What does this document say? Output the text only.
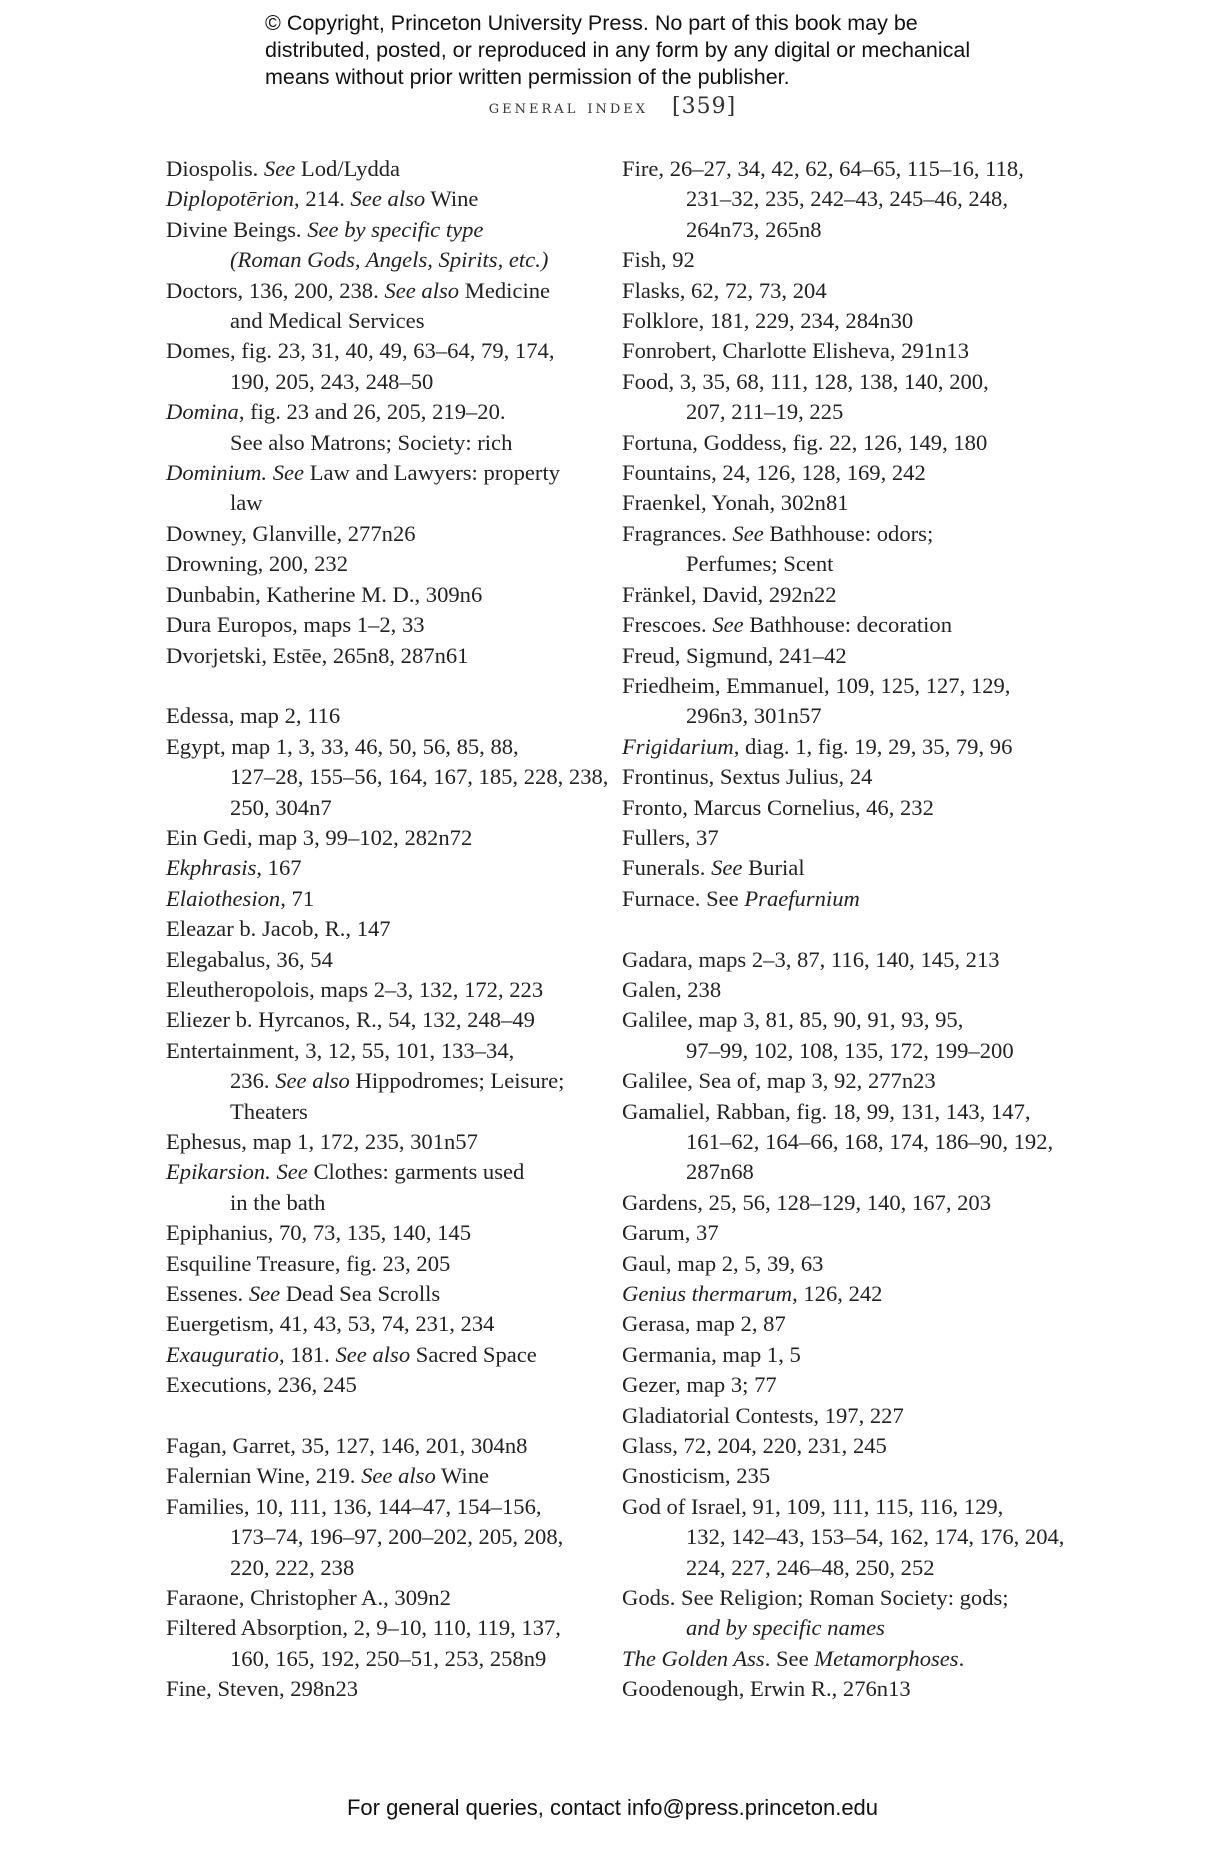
© Copyright, Princeton University Press. No part of this book may be
distributed, posted, or reproduced in any form by any digital or mechanical
means without prior written permission of the publisher.
general index [359]
Diospolis. See Lod/Lydda
Diplopotērion, 214. See also Wine
Divine Beings. See by specific type
(Roman Gods, Angels, Spirits, etc.)
Doctors, 136, 200, 238. See also Medicine
and Medical Services
Domes, fig. 23, 31, 40, 49, 63–64, 79, 174,
190, 205, 243, 248–50
Domina, fig. 23 and 26, 205, 219–20.
See also Matrons; Society: rich
Dominium. See Law and Lawyers: property
law
Downey, Glanville, 277n26
Drowning, 200, 232
Dunbabin, Katherine M. D., 309n6
Dura Europos, maps 1–2, 33
Dvorjetski, Estēe, 265n8, 287n61
Edessa, map 2, 116
Egypt, map 1, 3, 33, 46, 50, 56, 85, 88,
127–28, 155–56, 164, 167, 185, 228, 238,
250, 304n7
Ein Gedi, map 3, 99–102, 282n72
Ekphrasis, 167
Elaiothesion, 71
Eleazar b. Jacob, R., 147
Elegabalus, 36, 54
Eleutheropolois, maps 2–3, 132, 172, 223
Eliezer b. Hyrcanos, R., 54, 132, 248–49
Entertainment, 3, 12, 55, 101, 133–34,
236. See also Hippodromes; Leisure;
Theaters
Ephesus, map 1, 172, 235, 301n57
Epikarsion. See Clothes: garments used
in the bath
Epiphanius, 70, 73, 135, 140, 145
Esquiline Treasure, fig. 23, 205
Essenes. See Dead Sea Scrolls
Euergetism, 41, 43, 53, 74, 231, 234
Exauguratio, 181. See also Sacred Space
Executions, 236, 245
Fagan, Garret, 35, 127, 146, 201, 304n8
Falernian Wine, 219. See also Wine
Families, 10, 111, 136, 144–47, 154–156,
173–74, 196–97, 200–202, 205, 208,
220, 222, 238
Faraone, Christopher A., 309n2
Filtered Absorption, 2, 9–10, 110, 119, 137,
160, 165, 192, 250–51, 253, 258n9
Fine, Steven, 298n23
Fire, 26–27, 34, 42, 62, 64–65, 115–16, 118,
231–32, 235, 242–43, 245–46, 248,
264n73, 265n8
Fish, 92
Flasks, 62, 72, 73, 204
Folklore, 181, 229, 234, 284n30
Fonrobert, Charlotte Elisheva, 291n13
Food, 3, 35, 68, 111, 128, 138, 140, 200,
207, 211–19, 225
Fortuna, Goddess, fig. 22, 126, 149, 180
Fountains, 24, 126, 128, 169, 242
Fraenkel, Yonah, 302n81
Fragrances. See Bathhouse: odors;
Perfumes; Scent
Fränkel, David, 292n22
Frescoes. See Bathhouse: decoration
Freud, Sigmund, 241–42
Friedheim, Emmanuel, 109, 125, 127, 129,
296n3, 301n57
Frigidarium, diag. 1, fig. 19, 29, 35, 79, 96
Frontinus, Sextus Julius, 24
Fronto, Marcus Cornelius, 46, 232
Fullers, 37
Funerals. See Burial
Furnace. See Praefurnium
Gadara, maps 2–3, 87, 116, 140, 145, 213
Galen, 238
Galilee, map 3, 81, 85, 90, 91, 93, 95,
97–99, 102, 108, 135, 172, 199–200
Galilee, Sea of, map 3, 92, 277n23
Gamaliel, Rabban, fig. 18, 99, 131, 143, 147,
161–62, 164–66, 168, 174, 186–90, 192,
287n68
Gardens, 25, 56, 128–129, 140, 167, 203
Garum, 37
Gaul, map 2, 5, 39, 63
Genius thermarum, 126, 242
Gerasa, map 2, 87
Germania, map 1, 5
Gezer, map 3; 77
Gladiatorial Contests, 197, 227
Glass, 72, 204, 220, 231, 245
Gnosticism, 235
God of Israel, 91, 109, 111, 115, 116, 129,
132, 142–43, 153–54, 162, 174, 176, 204,
224, 227, 246–48, 250, 252
Gods. See Religion; Roman Society: gods;
and by specific names
The Golden Ass. See Metamorphoses.
Goodenough, Erwin R., 276n13
For general queries, contact info@press.princeton.edu
